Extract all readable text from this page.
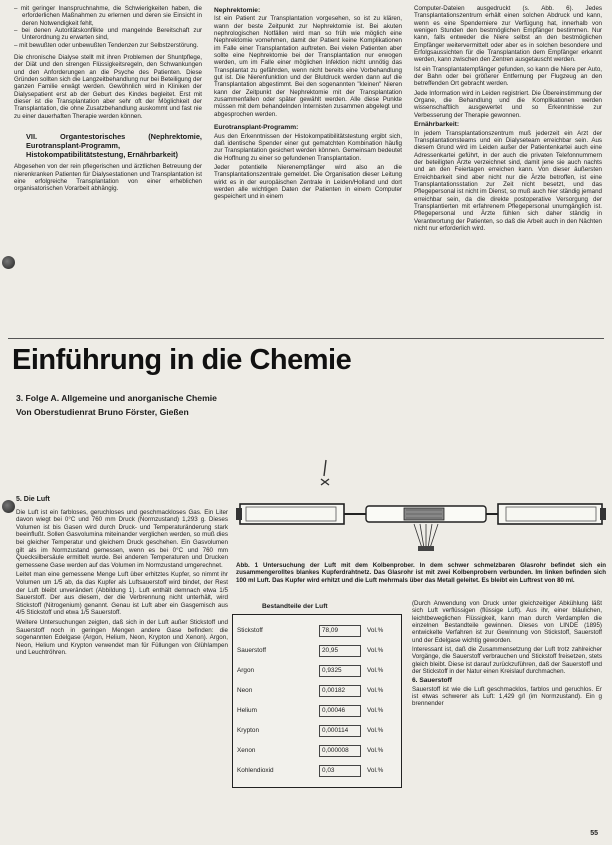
– mit geringer Inanspruchnahme, die Schwierigkeiten haben, die erforderlichen Maßnahmen zu erlernen und deren sie Einsicht in deren Notwendigkeit fehlt,

– bei denen Autoritätskonflikte und mangelnde Bereitschaft zur Unterordnung zu erwarten sind,

– mit bewußten oder unbewußten Tendenzen zur Selbstzerstörung.

Die chronische Dialyse stellt mit ihren Problemen der Shuntpflege, der Diät und den strengen Flüssigkeitsregeln, den Schwankungen und den Anforderungen an die Psyche des Patienten. Diese Gründen sollten sich die Langzeitbehandlung nur bei Beteiligung der ganzen Familie erwägt werden. Gewöhnlich wird in Kliniken der Dialysepatient erst ab der Geburt des Kindes begleitet. Erst mit dieser ist die Transplantation aber sehr oft der Möglichkeit der Transplantation, die ohne Zusatzbehandlung auskommt und fast nie zu einer dauerhaften Therapie werden können.

VII. Organtestorisches (Nephrektomie, Eurotransplant-Programm, Histokompatibilitätstestung, Ernährbarkeit)

Abgesehen von der rein pflegerischen und ärztlichen Betreuung der nierenkranken Patienten für Dialysestationen und Transplantation ist eine erfolgreiche Transplantation von einer erheblichen organisatorischen Vorarbeit abhängig.

Nephrektomie:

Ist ein Patient zur Transplantation vorgesehen, so ist zu klären, wann der beste Zeitpunkt zur Nephrektomie ist. Bei akuten nephrologischen Notfällen wird man so früh wie möglich eine Nephrektomie vornehmen, damit der Patient keine Komplikationen im Falle einer Transplantation auftreten. Bei vielen Patienten aber sollte eine Nephrektomie bei der Transplantation nur erwogen werden, um im Falle einer möglichen Infektion nicht unnötig das Transplantat zu gefährden, wenn nicht bereits eine Vorbehandlung gut ist. Die Nierenfunktion und der Blutdruck werden dann auf die Transplantation abgestimmt. Bei den sogenannten "kleinen" Nieren kann der Zeitpunkt der Nephrektomie mit der Transplantation zusammenfallen oder später gewählt werden. Alle diese Punkte müssen mit dem behandelnden Internisten zusammen abgelegt und abgesprochen werden.

Eurotransplant-Programm:

Aus den Erkenntnissen der Histokompatibilitätstestung ergibt sich, daß identische Spender einer gut gematchten Kombination häufig zur Transplantation gesichert werden können. Gemeinsam bedeutet die Hoffnung zu einer so gefundenen Transplantation.

Jeder potentielle Nierenempfänger wird also an die Transplantationszentrale gemeldet. Die Organisation dieser Leitung wirkt es in der europäischen Zentrale in Leiden/Holland und dort werden alle wichtigen Daten der Patienten in einem Computer gespeichert und in einem

Computer-Dateien ausgedruckt (s. Abb. 6). Jedes Transplantationszentrum erhält einen solchen Abdruck und kann, wenn es eine Spenderniere zur Verfügung hat, innerhalb von wenigen Stunden den bestmöglichen Empfänger bestimmen. Nur kann, falls entweder die Niere selbst an den bestmöglichen Empfänger weitervermittelt oder aber es in solchen besondere und Erfolgsaussichten für die Transplantation dem Empfänger erkannt werden, kann zwischen den Zentren ausgetauscht werden.

Ist ein Transplantatempfänger gefunden, so kann die Niere per Auto, der Bahn oder bei größerer Entfernung per Flugzeug an den betreffenden Ort gebracht werden.

Jede Information wird in Leiden registriert. Die Übereinstimmung der Organe, die Behandlung und die Komplikationen werden wissenschaftlich ausgewertet und so Erkenntnisse zur Verbesserung der Therapie gewonnen.

Ernährbarkeit:

In jedem Transplantationszentrum muß jederzeit ein Arzt der Transplantationsteams und ein Dialyseteam erreichbar sein. Aus diesem Grund wird im Leiden außer der Patientenkartei auch eine Adressenkartei geführt, in der auch die privaten Telefonnummern der beteiligten Ärzte verzeichnet sind, damit jene sie auch nachts und an den Feiertagen erreichen kann. Von dieser äußersten Erreichbarkeit sind aber nicht nur die Ärzte betroffen, ist eine Transplantationsstation zur Zeit nicht besetzt, und das Pflegepersonal ist nicht im Dienst, so muß auch hier ständig jemand erreichbar sein, da die direkte postoperative Versorgung der Transplantierten mit erfahrenem Pflegepersonal unumgänglich ist. Pflegepersonal und Ärzte fühlen sich daher ständig in Verantwortung der Patienten, so daß die Arbeit auch in den Nächten nicht nur erforderlich wird.

Einführung in die Chemie
3. Folge A. Allgemeine und anorganische Chemie
Von Oberstudienrat Bruno Förster, Gießen
5. Die Luft

Die Luft ist ein farbloses, geruchloses und geschmackloses Gas. Ein Liter davon wiegt bei 0°C und 760 mm Druck (Normzustand) 1,293 g. Dieses Volumen ist bis Gasen wird durch Druck- und Temperaturänderung stark beeinflußt. Sollen Gasvolumina miteinander verglichen werden, so muß dies bei gleicher Temperatur und gleichem Druck geschehen. Ein Gasvolumen gilt als im Normzustand gemessen, wenn es bei 0°C und 760 mm Quecksilbersäule ermittelt wurde. Bei anderen Temperaturen und Drucken gemessene Gase werden auf das Volumen im Normzustand umgerechnet.

Leitet man eine gemessene Menge Luft über erhitztes Kupfer, so nimmt ihr Volumen um 1/5 ab, da das Kupfer als Luftsauerstoff wird bindet, der Rest der Luft bleibt unverändert (Abbildung 1). Luft enthält demnach etwa 1/5 Sauerstoff. Der aus diesem, der die Verbrennung nicht unterhält, wird Stickstoff (Nitrogenium) genannt. Genau ist Luft aber ein Gasgemisch aus 4/5 Stickstoff und etwa 1/5 Sauerstoff.

Weitere Untersuchungen zeigten, daß sich in der Luft außer Stickstoff und Sauerstoff noch in geringen Mengen andere Gase befinden: die sogenannten Edelgase (Argon, Helium, Neon, Krypton und Xenon). Argon, Neon, Helium und Krypton verwendet man für Füllungen von Glühlampen und Leuchtröhren.

Abb. 1 Untersuchung der Luft mit dem Kolbenprober. In dem schwer schmelzbaren Glasrohr befindet sich ein zusammengerolltes blankes Kupferdrahtnetz. Das Glasrohr ist mit zwei Kolbenprobern verbunden. Im linken befinden sich 100 ml Luft. Das Kupfer wird erhitzt und die Luft mehrmals über das Metall geleitet. Es bleibt ein Luftrest von 80 ml.
Bestandteile der Luft
Stickstoff	78,09	Vol.%
Sauerstoff	20,95	Vol.%
Argon	0,9325	Vol.%
Neon	0,00182	Vol.%
Helium	0,00046	Vol.%
Krypton	0,000114	Vol.%
Xenon	0,000008	Vol.%
Kohlendioxid	0,03	Vol.%

(Durch Anwendung von Druck unter gleichzeitiger Abkühlung läßt sich Luft verflüssigen (flüssige Luft). Aus ihr, einer bläulichen, leichtbeweglichen Flüssigkeit, kann man durch Verdampfen die einzelnen Bestandteile gewinnen. Dieses von LINDE (1895) entwickelte Verfahren ist zur Gewinnung von Stickstoff, Sauerstoff und der Edelgase wichtig geworden.

Interessant ist, daß die Zusammensetzung der Luft trotz zahlreicher Vorgänge, die Sauerstoff verbrauchen und Stickstoff freisetzen, stets gleich bleibt. Diese ist darauf zurückzuführen, daß der Sauerstoff und der Stickstoff in der Natur einen Kreislauf durchmachen.

6. Sauerstoff

Sauerstoff ist wie die Luft geschmacklos, farblos und geruchlos. Er ist etwas schwerer als Luft: 1,429 g/l (im Normzustand). Ein g brennender

55
